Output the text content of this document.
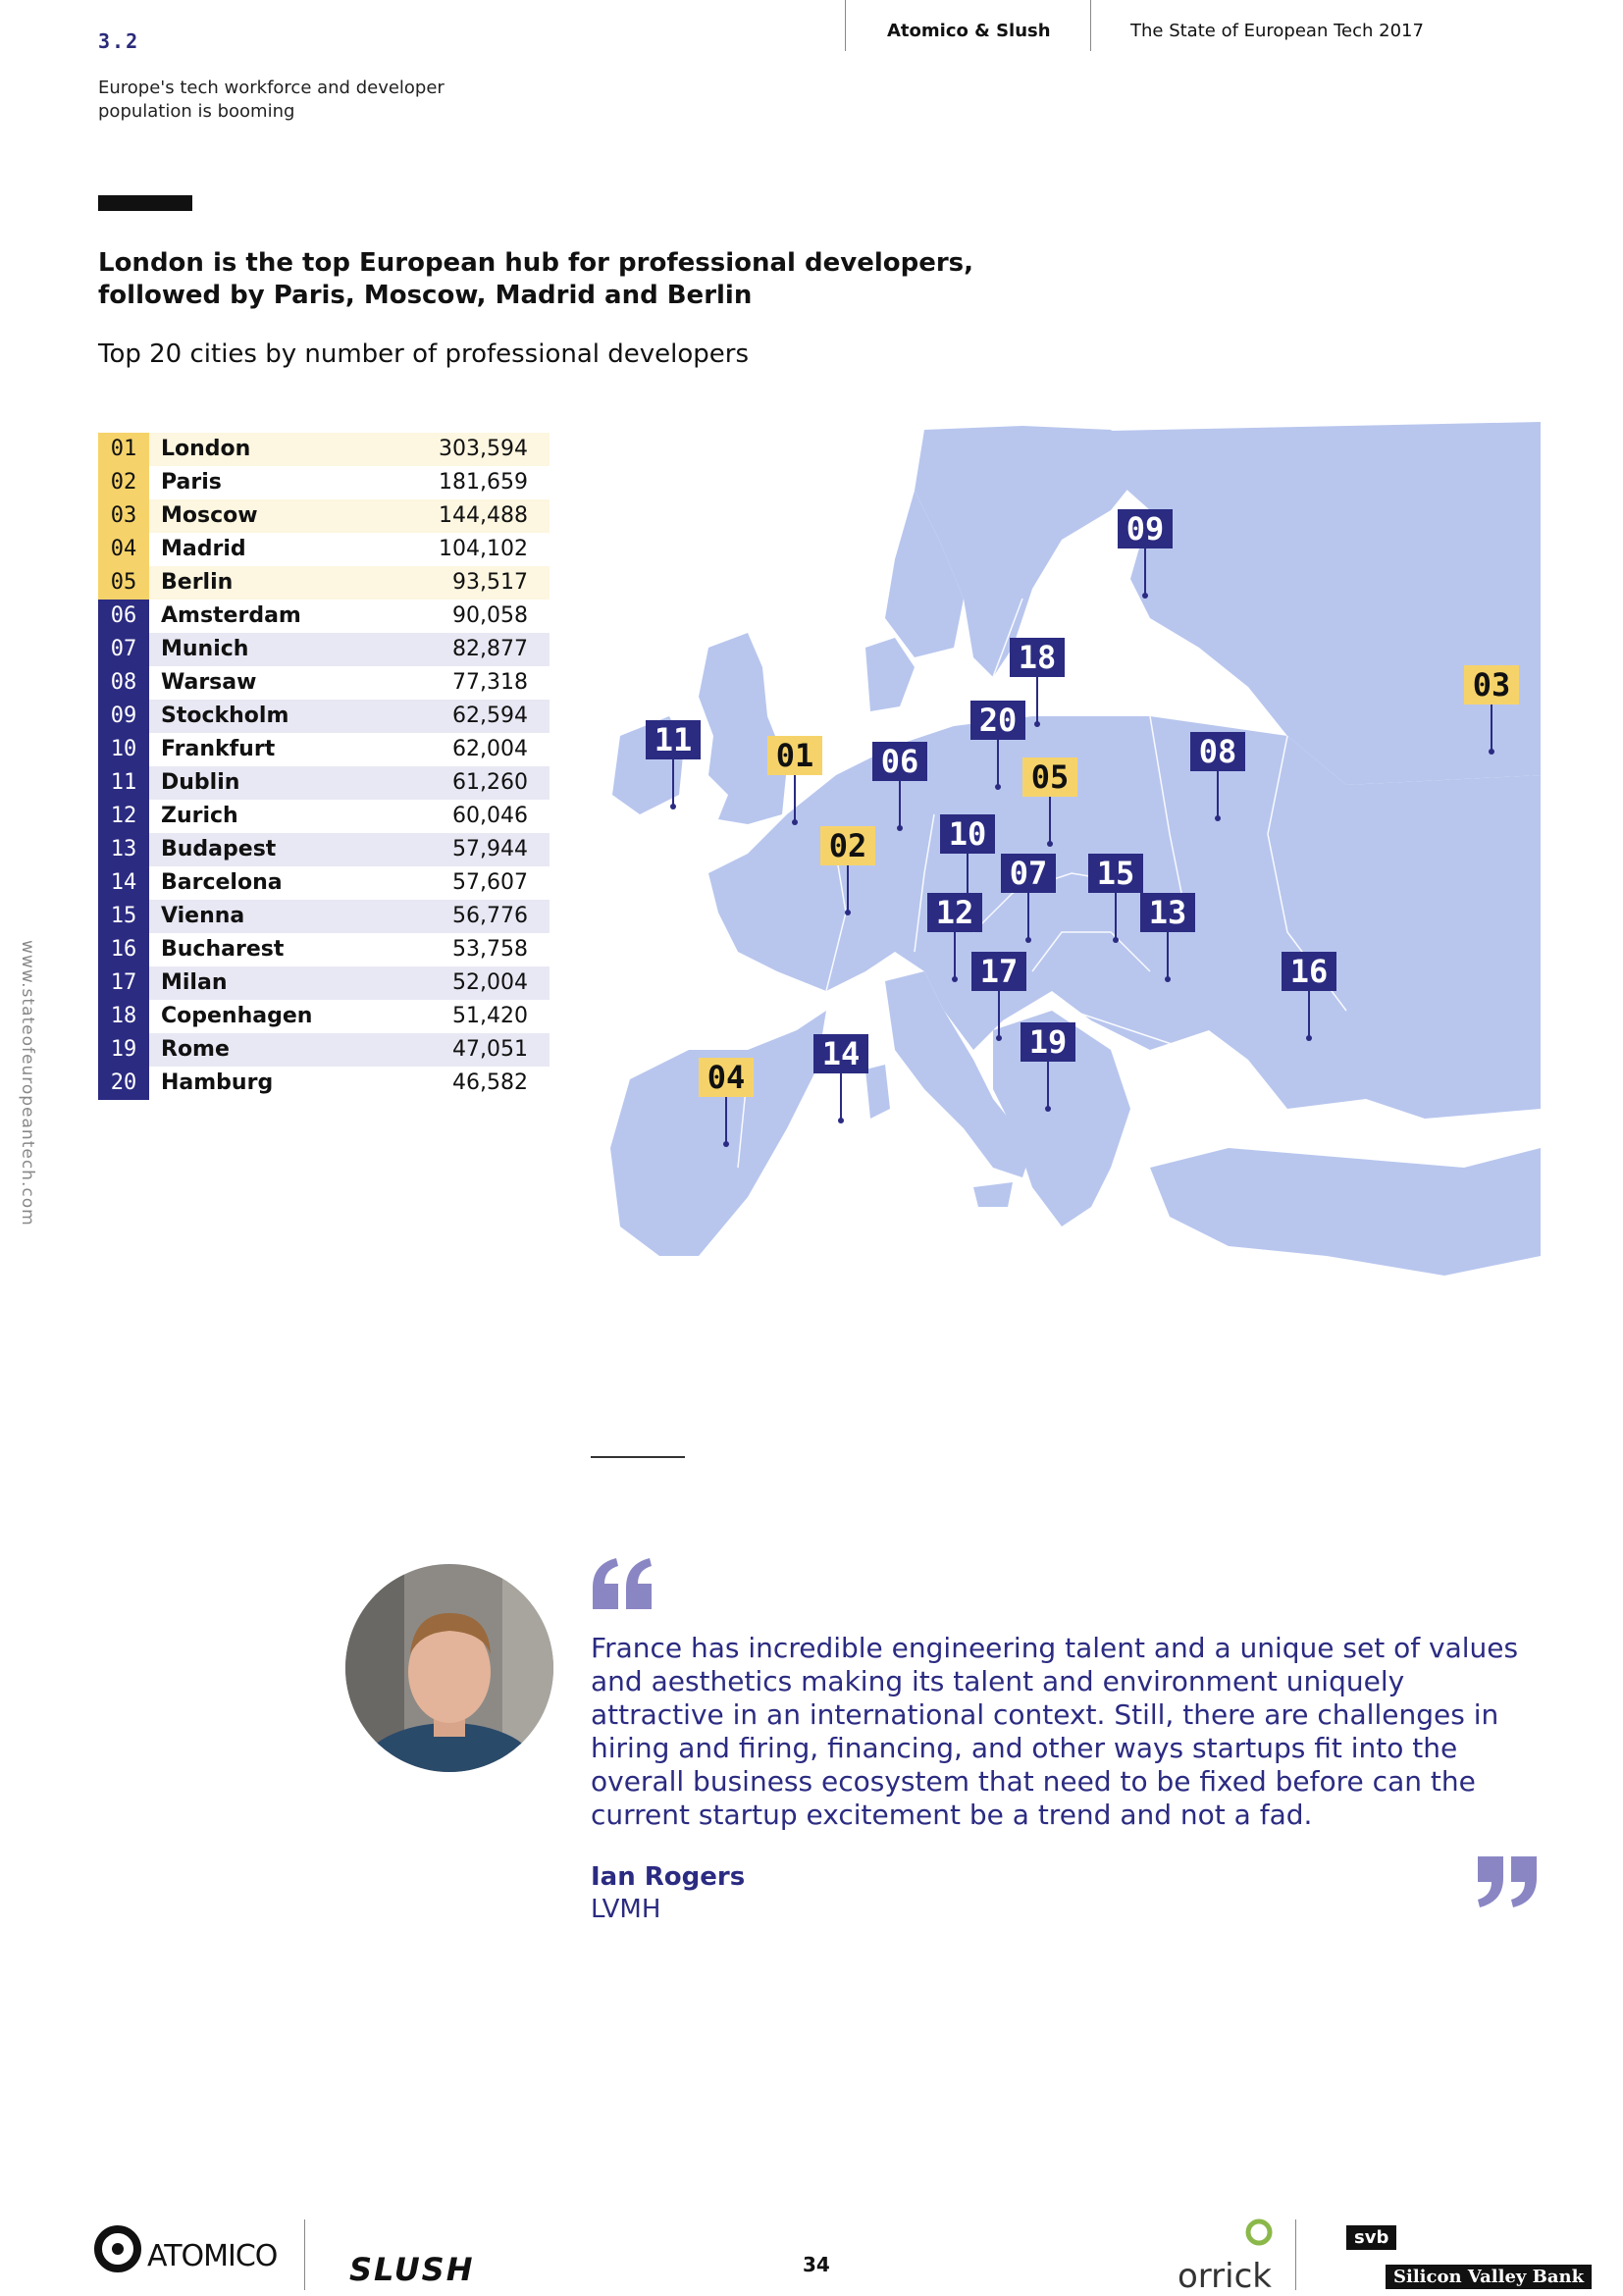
3.2
Europe's tech workforce and developer population is booming
Atomico & Slush	The State of European Tech 2017
London is the top European hub for professional developers, followed by Paris, Moscow, Madrid and Berlin
Top 20 cities by number of professional developers
01	London	303,594
02	Paris	181,659
03	Moscow	144,488
04	Madrid	104,102
05	Berlin	93,517
06	Amsterdam	90,058
07	Munich	82,877
08	Warsaw	77,318
09	Stockholm	62,594
10	Frankfurt	62,004
11	Dublin	61,260
12	Zurich	60,046
13	Budapest	57,944
14	Barcelona	57,607
15	Vienna	56,776
16	Bucharest	53,758
17	Milan	52,004
18	Copenhagen	51,420
19	Rome	47,051
20	Hamburg	46,582
01
02
03
04
05
06
07
08
09
10
11
12	13
14
15
16
17
18
19
20
www.stateofeuropeantech.com
France has incredible engineering talent and a unique set of values and aesthetics making its talent and environment uniquely attractive in an international context. Still, there are challenges in hiring and firing, financing, and other ways startups fit into the overall business ecosystem that need to be fixed before can the current startup excitement be a trend and not a fad.
Ian Rogers
LVMH
ATOMICO SLUSH	34	orrick
svb
Silicon Valley Bank
